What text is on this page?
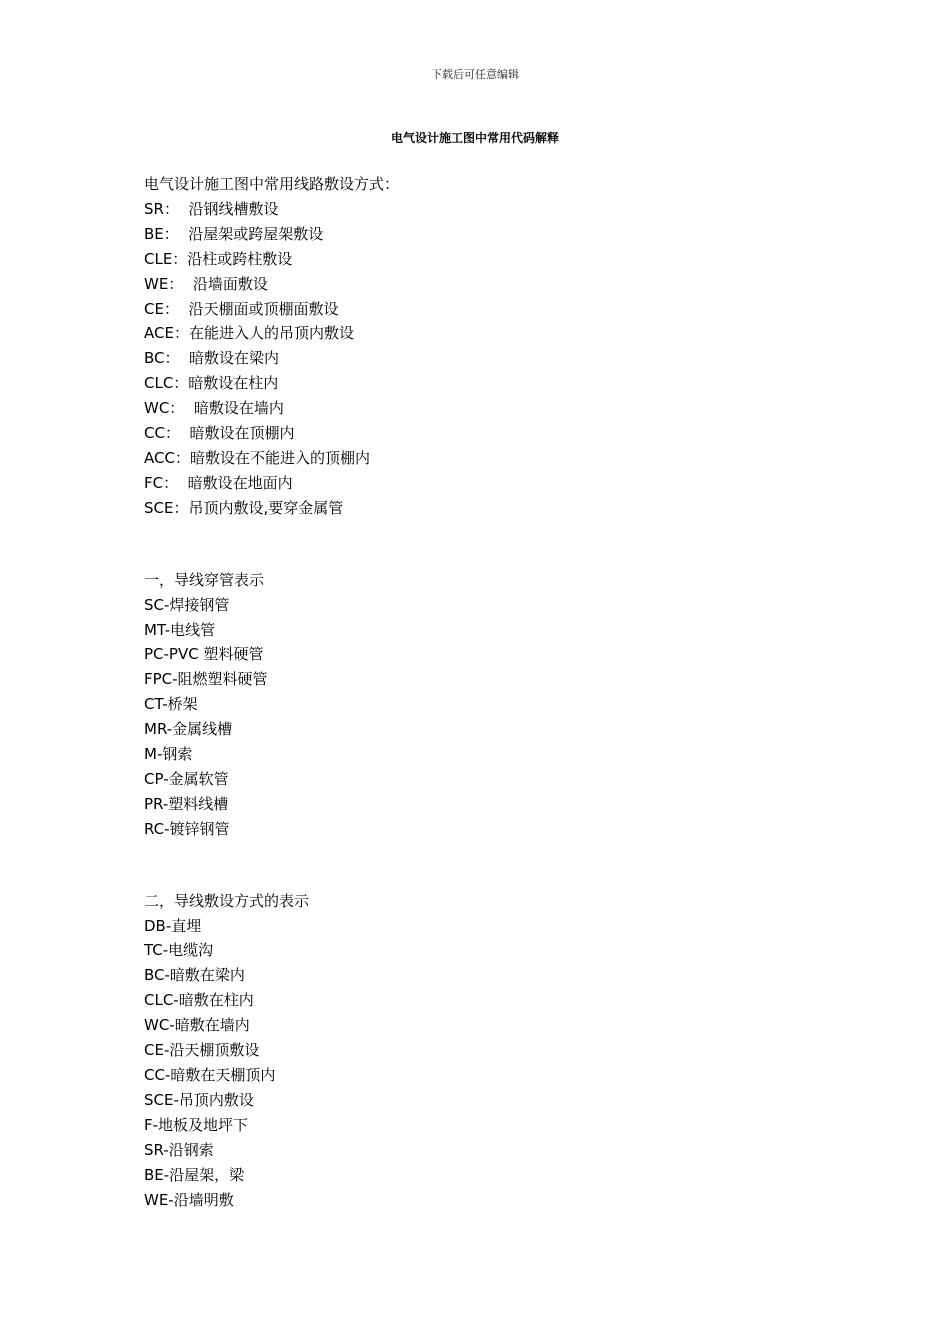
下载后可任意编辑
电气设计施工图中常用代码解释
电气设计施工图中常用线路敷设方式：
SR：  沿钢线槽敷设
BE：  沿屋架或跨屋架敷设
CLE：沿柱或跨柱敷设
WE：  沿墙面敷设
CE：  沿天棚面或顶棚面敷设
ACE：在能进入人的吊顶内敷设
BC：  暗敷设在梁内
CLC：暗敷设在柱内
WC：  暗敷设在墙内
CC：  暗敷设在顶棚内
ACC：暗敷设在不能进入的顶棚内
FC：  暗敷设在地面内
SCE：吊顶内敷设,要穿金属管
一，导线穿管表示
SC-焊接钢管
MT-电线管
PC-PVC 塑料硬管
FPC-阻燃塑料硬管
CT-桥架
MR-金属线槽
M-钢索
CP-金属软管
PR-塑料线槽
RC-镀锌钢管
二，导线敷设方式的表示
DB-直埋
TC-电缆沟
BC-暗敷在梁内
CLC-暗敷在柱内
WC-暗敷在墙内
CE-沿天棚顶敷设
CC-暗敷在天棚顶内
SCE-吊顶内敷设
F-地板及地坪下
SR-沿钢索
BE-沿屋架，梁
WE-沿墙明敷
